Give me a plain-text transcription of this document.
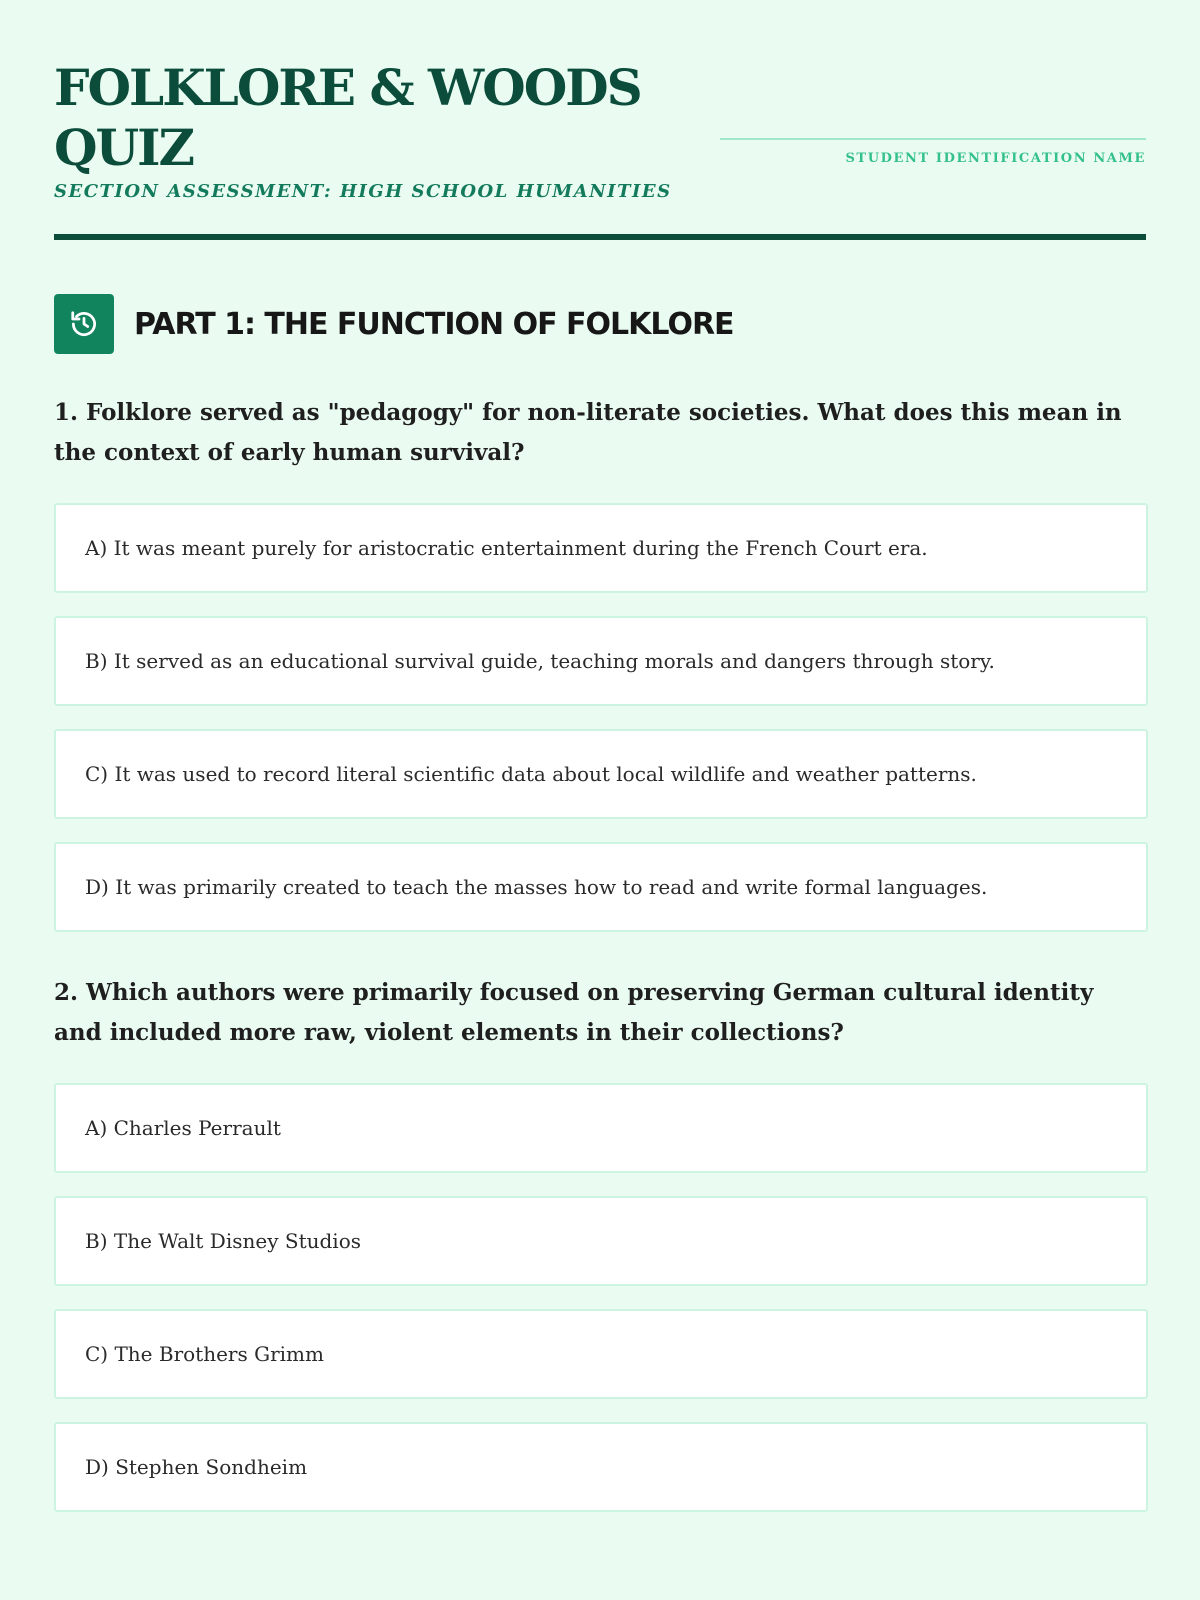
FOLKLORE & WOODS QUIZ
SECTION ASSESSMENT: HIGH SCHOOL HUMANITIES
STUDENT IDENTIFICATION NAME
PART 1: THE FUNCTION OF FOLKLORE

1. Folklore served as "pedagogy" for non-literate societies. What does this mean in the context of early human survival?

A) It was meant purely for aristocratic entertainment during the French Court era.
B) It served as an educational survival guide, teaching morals and dangers through story.
C) It was used to record literal scientific data about local wildlife and weather patterns.
D) It was primarily created to teach the masses how to read and write formal languages.

2. Which authors were primarily focused on preserving German cultural identity and included more raw, violent elements in their collections?

A) Charles Perrault
B) The Walt Disney Studios
C) The Brothers Grimm
D) Stephen Sondheim
